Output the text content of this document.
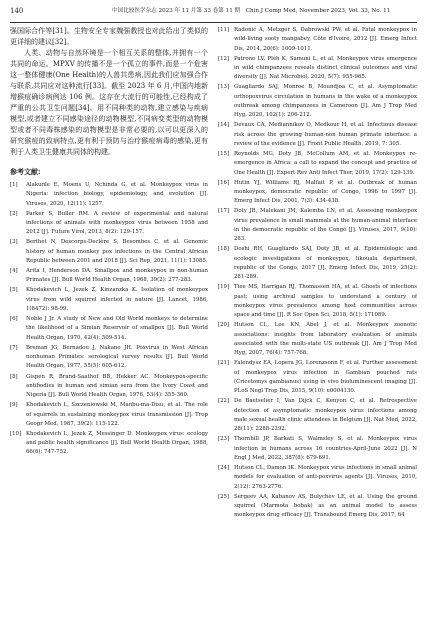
140	中国比较医学杂志 2023 年 11 月第 33 卷第 11 期　Chin J Comp Med, November 2023, Vol. 33, No. 11

强国际合作等[31]。生物安全专家魏强教授也对此给出了类似的更详细的建议[32]。

人类、动物与自然环境是一个相互关系的整体,并拥有一个共同的命运。MPXV 的传播不是一个孤立的事件,而是一个危害这一整体健康(One Health)的人兽共患病,因此我们应加强合作与联系,共同应对这种流行[33]。截至 2023 年 6 月,中国内地新增猴痘确诊病例达 106 例。这存在大流行的可能性,已经构成了严重的公共卫生问题[34]。用不同种类的动物,建立感染与疾病模型,或者建立不同感染途径的动物模型,不同病变类型的动物模型或者不同毒株感染的动物模型是非常必要的,以可以更深入的研究猴痘的致病特点,更有利于预防与治疗猴痘病毒的感染,更有利于人类卫生健康共同体的构建。

参考文献:
[1]	Alakunle E, Moens U, Nchinda G, et al. Monkeypox virus in Nigeria: infection biology, epidemiology, and evolution [J]. Viruses, 2020, 12(11): 1257.
[2]	Parker S, Buller RM. A review of experimental and natural infections of animals with monkeypox virus between 1958 and 2012 [J]. Future Virol, 2013, 8(2): 129-157.
[3]	Berthet N, Descorps-Declère S, Besombes C, et al. Genomic history of human monkey pox infections in the Central African Republic between 2001 and 2018 [J]. Sci Rep, 2021, 11(1): 13085.
[4]	Arita I, Henderson DA. Smallpox and monkeypox in non-human Primates [J]. Bull World Health Organ, 1968, 39(2): 277-283.
[5]	Khodakevich L, Jezek Z, Kinzanzka K. Isolation of monkeypox virus from wild squirrel infected in nature [J]. Lancet, 1986, 1(8472): 98-99.
[6]	Noble J Jr. A study of New and Old World monkeys to determine the likelihood of a Simian Reservoir of smallpox [J]. Bull World Health Organ, 1970, 42(4): 509-514.
[7]	Breman JG, Bernadou J, Nakano JH. Poxvirus in West African nonhuman Primates: serological survey results [J]. Bull World Health Organ, 1977, 55(5): 605-612.
[8]	Gispen R, Brand-Saathof BB, Hekker AC. Monkeypox-specific antibodies in human and simian sera from the Ivory Coast and Nigeria [J]. Bull World Health Organ, 1976, 53(4): 355-360.
[9]	Khodakevich L, Szczeniowski M, Manbu-ma-Disu, et al. The role of squirrels in sustaining monkeypox virus transmission [J]. Trop Geogr Med, 1987, 39(2): 115-122.
[10] Khodakevich L, Jezek Z, Messinger D. Monkeypox virus: ecology and public health significance [J]. Bull World Health Organ, 1988, 66(6): 747-752.
[11] Radonić A, Metzger S, Dabrowski PW, et al. Fatal monkeypox in wild-living sooty mangabey, Côte d'Ivoire, 2012 [J]. Emerg Infect Dis, 2014, 20(6): 1009-1011.
[12] Patrono LV, Pléh K, Samuni L, et al. Monkeypox virus emergence in wild chimpanzees reveals distinct clinical outcomes and viral diversity [J]. Nat Microbiol, 2020, 5(7): 955-965.
[13] Guagliardo SAJ, Monroe B, Moundjoa C, et al. Asymptomatic orthopoxvirus circulation in humans in the wake of a monkeypox outbreak among chimpanzees in Cameroon [J]. Am J Trop Med Hyg, 2020, 102(1): 206-212.
[14] Devaux CA, Mediannikov O, Medkour H, et al. Infectious disease risk across the growing human-non human primate interface: a review of the evidence [J]. Front Public Health, 2019, 7: 305.
[15] Reynolds MG, Doty JB, McCollum AM, et al. Monkeypox re-emergence in Africa: a call to expand the concept and practice of One Health [J]. Expert Rev Anti Infect Ther, 2019, 17(2): 129-139.
[16] Hutin YJ, Williams RJ, Malfait P, et al. Outbreak of human monkeypox, democratic republic of Congo, 1996 to 1997 [J]. Emerg Infect Dis, 2001, 7(3): 434-438.
[17] Doty JB, Malekani JM, Kalemba LN, et al. Assessing monkeypox virus prevalence in small mammals at the human-animal interface in the democratic republic of the Congo [J]. Viruses, 2017, 9(10): 283.
[18] Doshi RH, Guagliardo SAJ, Doty JB, et al. Epidemiologic and ecologic investigations of monkeypox, likouala department, republic of the Congo, 2017 [J]. Emerg Infect Dis, 2019, 25(2): 281-289.
[19] Tiee MS, Harrigan RJ, Thomassen HA, et al. Ghosts of infections past: using archival samples to understand a century of monkeypox virus prevalence among host communities across space and time [J]. R Soc Open Sci, 2018, 5(1): 171089.
[20] Hutson CL, Lee KN, Abel J, et al. Monkeypox zoonotic associations: insights from laboratory evaluation of animals associated with the multi-state US outbreak [J]. Am J Trop Med Hyg, 2007, 76(4): 757-768.
[21] Falendysz EA, Lopera JG, Lorenzsonn F, et al. Further assessment of monkeypox virus infection in Gambian pouched rats (Cricetomys gambianus) using in vivo bioluminescent imaging [J]. PLoS Negl Trop Dis, 2015, 9(10): e0004130.
[22] De Baetselier I, Van Dijck C, Kenyon C, et al. Retrospective detection of asymptomatic monkeypox virus infections among male sexual health clinic attendees in Belgium [J]. Nat Med, 2022, 28(11): 2288-2292.
[23] Thornhill JP, Barkati S, Walmsley S, et al. Monkeypox virus infection in humans across 16 countries-April-June 2022 [J]. N Engl J Med, 2022, 387(8): 679-691.
[24] Hutson CL, Damon IK. Monkeypox virus infections in small animal models for evaluation of anti-poxvirus agents [J]. Viruses, 2010, 2(12): 2763-2776.
[25] Sergeev AA, Kabanov AS, Bulychev LE, et al. Using the ground squirrel (Marmota bobak) as an animal model to assess monkeypox drug efficacy [J]. Transbound Emerg Dis, 2017, 64
